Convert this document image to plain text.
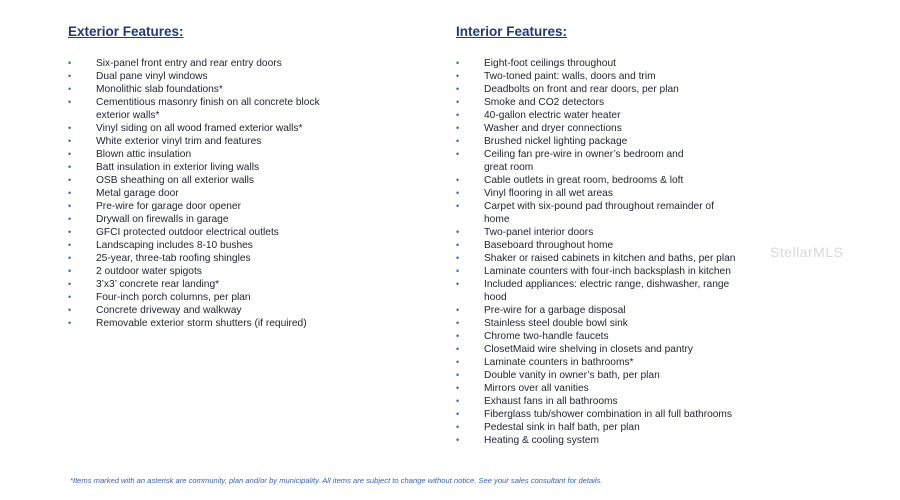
Exterior Features:
• Six-panel front entry and rear entry doors
• Dual pane vinyl windows
• Monolithic slab foundations*
• Cementitious masonry finish on all concrete block
exterior walls*
• Vinyl siding on all wood framed exterior walls*
• White exterior vinyl trim and features
• Blown attic insulation
• Batt insulation in exterior living walls
• OSB sheathing on all exterior walls
• Metal garage door
• Pre-wire for garage door opener
• Drywall on firewalls in garage
• GFCI protected outdoor electrical outlets
• Landscaping includes 8-10 bushes
• 25-year, three-tab roofing shingles
• 2 outdoor water spigots
• 3’x3’ concrete rear landing*
• Four-inch porch columns, per plan
• Concrete driveway and walkway
• Removable exterior storm shutters (if required)
Interior Features:
• Eight-foot ceilings throughout
• Two-toned paint: walls, doors and trim
• Deadbolts on front and rear doors, per plan
• Smoke and CO2 detectors
• 40-gallon electric water heater
• Washer and dryer connections
• Brushed nickel lighting package
• Ceiling fan pre-wire in owner’s bedroom and
great room
• Cable outlets in great room, bedrooms & loft
• Vinyl flooring in all wet areas
• Carpet with six-pound pad throughout remainder of
home
• Two-panel interior doors
• Baseboard throughout home
• Shaker or raised cabinets in kitchen and baths, per plan
• Laminate counters with four-inch backsplash in kitchen
• Included appliances: electric range, dishwasher, range
hood
• Pre-wire for a garbage disposal
• Stainless steel double bowl sink
• Chrome two-handle faucets
• ClosetMaid wire shelving in closets and pantry
• Laminate counters in bathrooms*
• Double vanity in owner’s bath, per plan
• Mirrors over all vanities
• Exhaust fans in all bathrooms
• Fiberglass tub/shower combination in all full bathrooms
• Pedestal sink in half bath, per plan
• Heating & cooling system
StellarMLS

*Items marked with an asterisk are community, plan and/or by municipality. All items are subject to change without notice. See your sales consultant for details.
